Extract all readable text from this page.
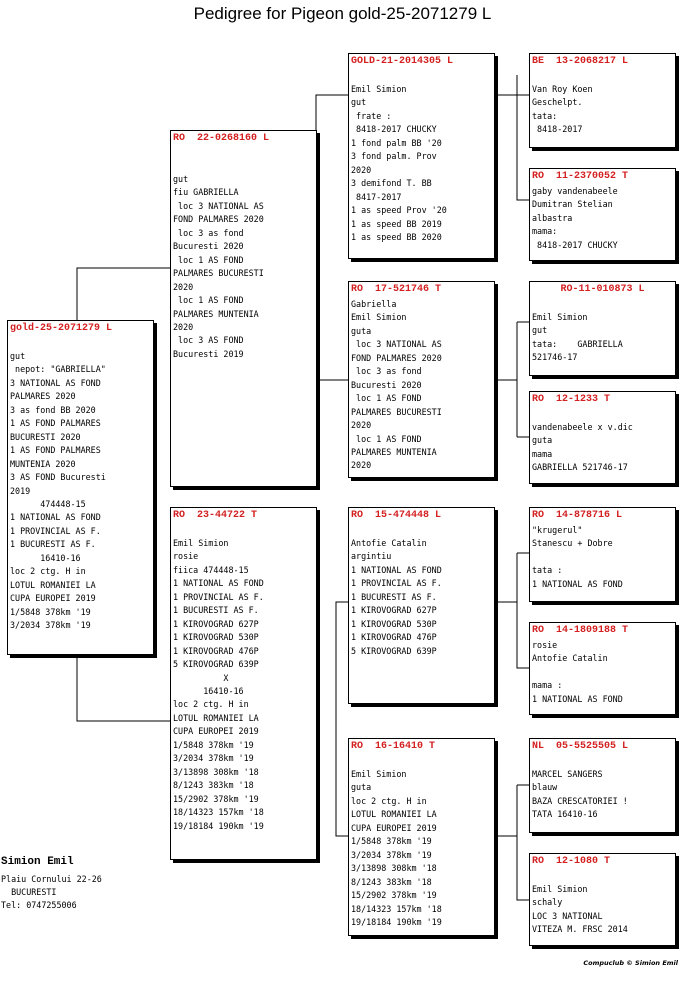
Pedigree for Pigeon gold-25-2071279 L
gold-25-2071279 L
gut
nepot: "GABRIELLA"
3 NATIONAL AS FOND
PALMARES 2020
3 as fond BB 2020
1 AS FOND PALMARES
BUCURESTI 2020
1 AS FOND PALMARES
MUNTENIA 2020
3 AS FOND Bucuresti
2019
474448-15
1 NATIONAL AS FOND
1 PROVINCIAL AS F.
1 BUCURESTI AS F.
16410-16
loc 2 ctg. H in
LOTUL ROMANIEI LA
CUPA EUROPEI 2019
1/5848 378km '19
3/2034 378km '19
RO  22-0268160 L
gut
fiu GABRIELLA
loc 3 NATIONAL AS
FOND PALMARES 2020
loc 3 as fond
Bucuresti 2020
loc 1 AS FOND
PALMARES BUCURESTI
2020
loc 1 AS FOND
PALMARES MUNTENIA
2020
loc 3 AS FOND
Bucuresti 2019
RO  23-44722 T
Emil Simion
rosie
fiica 474448-15
1 NATIONAL AS FOND
1 PROVINCIAL AS F.
1 BUCURESTI AS F.
1 KIROVOGRAD 627P
1 KIROVOGRAD 530P
1 KIROVOGRAD 476P
5 KIROVOGRAD 639P
X
16410-16
loc 2 ctg. H in
LOTUL ROMANIEI LA
CUPA EUROPEI 2019
1/5848 378km '19
3/2034 378km '19
3/13898 308km '18
8/1243 383km '18
15/2902 378km '19
18/14323 157km '18
19/18184 190km '19
GOLD-21-2014305 L
Emil Simion
gut
frate :
8418-2017 CHUCKY
1 fond palm BB '20
3 fond palm. Prov
2020
3 demifond T. BB
8417-2017
1 as speed Prov '20
1 as speed BB 2019
1 as speed BB 2020
RO  17-521746 T
Gabriella
Emil Simion
guta
loc 3 NATIONAL AS
FOND PALMARES 2020
loc 3 as fond
Bucuresti 2020
loc 1 AS FOND
PALMARES BUCURESTI
2020
loc 1 AS FOND
PALMARES MUNTENIA
2020
RO  15-474448 L
Antofie Catalin
argintiu
1 NATIONAL AS FOND
1 PROVINCIAL AS F.
1 BUCURESTI AS F.
1 KIROVOGRAD 627P
1 KIROVOGRAD 530P
1 KIROVOGRAD 476P
5 KIROVOGRAD 639P
RO  16-16410 T
Emil Simion
guta
loc 2 ctg. H in
LOTUL ROMANIEI LA
CUPA EUROPEI 2019
1/5848 378km '19
3/2034 378km '19
3/13898 308km '18
8/1243 383km '18
15/2902 378km '19
18/14323 157km '18
19/18184 190km '19
BE  13-2068217 L
Van Roy Koen
Geschelpt.
tata:
8418-2017
RO  11-2370052 T
gaby vandenabeele
Dumitran Stelian
albastra
mama:
8418-2017 CHUCKY
RO-11-010873 L
Emil Simion
gut
tata:    GABRIELLA
521746-17
RO  12-1233 T
vandenabeele x v.dic
guta
mama
GABRIELLA 521746-17
RO  14-878716 L
"krugerul"
Stanescu + Dobre

tata :
1 NATIONAL AS FOND
RO  14-1809188 T
rosie
Antofie Catalin

mama :
1 NATIONAL AS FOND
NL  05-5525505 L
MARCEL SANGERS
blauw
BAZA CRESCATORIEI !
TATA 16410-16
RO  12-1080 T
Emil Simion
schaly
LOC 3 NATIONAL
VITEZA M. FRSC 2014
Simion Emil
Plaiu Cornului 22-26
BUCURESTI
Tel: 0747255006
Compuclub © Simion Emil
